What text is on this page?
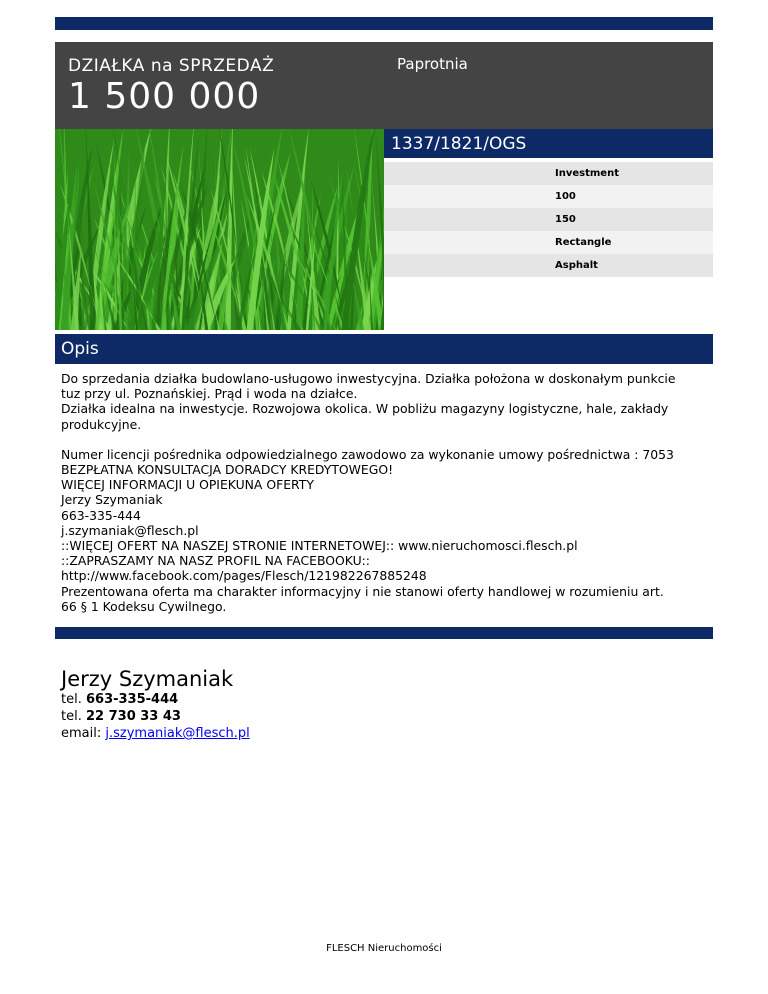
DZIAŁKA na SPRZEDAŻ
1 500 000
Paprotnia
1337/1821/OGS
Investment
100
150
Rectangle
Asphalt
Opis

Do sprzedania działka budowlano-usługowo inwestycyjna. Działka położona w doskonałym punkcie

tuz przy ul. Poznańskiej. Prąd i woda na działce.

Działka idealna na inwestycje. Rozwojowa okolica. W pobliżu magazyny logistyczne, hale, zakłady

produkcyjne.

Numer licencji pośrednika odpowiedzialnego zawodowo za wykonanie umowy pośrednictwa : 7053

BEZPŁATNA KONSULTACJA DORADCY KREDYTOWEGO!

WIĘCEJ INFORMACJI U OPIEKUNA OFERTY

Jerzy Szymaniak

663-335-444

j.szymaniak@flesch.pl

::WIĘCEJ OFERT NA NASZEJ STRONIE INTERNETOWEJ:: www.nieruchomosci.flesch.pl

::ZAPRASZAMY NA NASZ PROFIL NA FACEBOOKU::

http://www.facebook.com/pages/Flesch/121982267885248

Prezentowana oferta ma charakter informacyjny i nie stanowi oferty handlowej w rozumieniu art.

66 § 1 Kodeksu Cywilnego.

Jerzy Szymaniak
tel. 663-335-444
tel. 22 730 33 43
email: j.szymaniak@flesch.pl
FLESCH Nieruchomości
